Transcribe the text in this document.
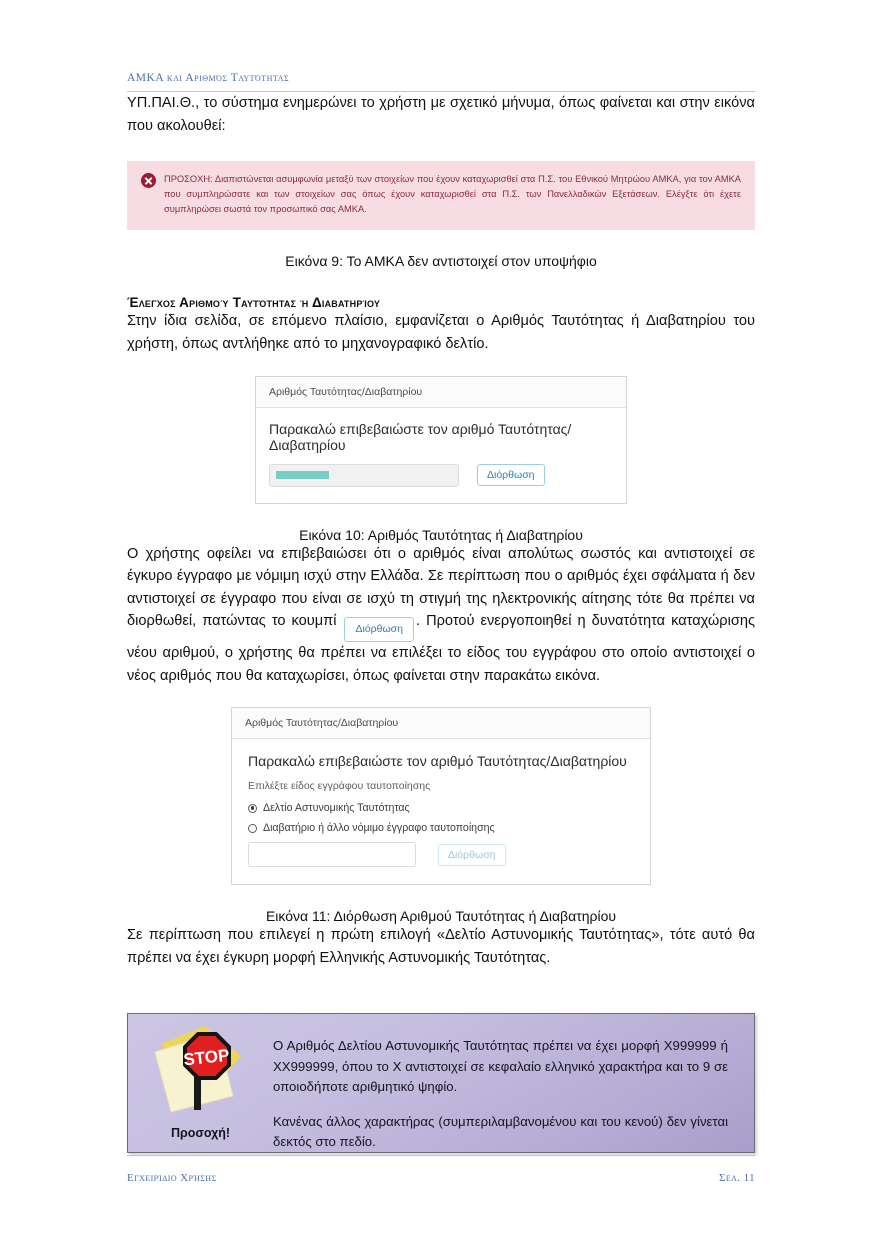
ΑΜΚΑ και Αριθμός Ταυτότητας

ΥΠ.ΠΑΙ.Θ., το σύστημα ενημερώνει το χρήστη με σχετικό μήνυμα, όπως φαίνεται και στην εικόνα που ακολουθεί:

ΠΡΟΣΟΧΗ: Διαπιστώνεται ασυμφωνία μεταξύ των στοιχείων που έχουν καταχωρισθεί στα Π.Σ. του Εθνικού Μητρώου ΑΜΚΑ, για τον ΑΜΚΑ που συμπληρώσατε και των στοιχείων σας όπως έχουν καταχωρισθεί στα Π.Σ. των Πανελλαδικών Εξετάσεων. Ελέγξτε ότι έχετε συμπληρώσει σωστά τον προσωπικό σας ΑΜΚΑ.
Εικόνα 9: Το ΑΜΚΑ δεν αντιστοιχεί στον υποψήφιο
Έλεγχος Αριθμού Ταυτότητας ή Διαβατηρίου

Στην ίδια σελίδα, σε επόμενο πλαίσιο, εμφανίζεται ο Αριθμός Ταυτότητας ή Διαβατηρίου του χρήστη, όπως αντλήθηκε από το μηχανογραφικό δελτίο.

Αριθμός Ταυτότητας/Διαβατηρίου
Παρακαλώ επιβεβαιώστε τον αριθμό Ταυτότητας/Διαβατηρίου
Διόρθωση
Εικόνα 10: Αριθμός Ταυτότητας ή Διαβατηρίου

Ο χρήστης οφείλει να επιβεβαιώσει ότι ο αριθμός είναι απολύτως σωστός και αντιστοιχεί σε έγκυρο έγγραφο με νόμιμη ισχύ στην Ελλάδα. Σε περίπτωση που ο αριθμός έχει σφάλματα ή δεν αντιστοιχεί σε έγγραφο που είναι σε ισχύ τη στιγμή της ηλεκτρονικής αίτησης τότε θα πρέπει να διορθωθεί, πατώντας το κουμπί Διόρθωση . Προτού ενεργοποιηθεί η δυνατότητα καταχώρισης νέου αριθμού, ο χρήστης θα πρέπει να επιλέξει το είδος του εγγράφου στο οποίο αντιστοιχεί ο νέος αριθμός που θα καταχωρίσει, όπως φαίνεται στην παρακάτω εικόνα.

Αριθμός Ταυτότητας/Διαβατηρίου
Παρακαλώ επιβεβαιώστε τον αριθμό Ταυτότητας/Διαβατηρίου
Επιλέξτε είδος εγγράφου ταυτοποίησης
Δελτίο Αστυνομικής Ταυτότητας
Διαβατήριο ή άλλο νόμιμο έγγραφο ταυτοποίησης
Διόρθωση
Εικόνα 11: Διόρθωση Αριθμού Ταυτότητας ή Διαβατηρίου

Σε περίπτωση που επιλεγεί η πρώτη επιλογή «Δελτίο Αστυνομικής Ταυτότητας», τότε αυτό θα πρέπει να έχει έγκυρη μορφή Ελληνικής Αστυνομικής Ταυτότητας.

STOP
Προσοχή!

Ο Αριθμός Δελτίου Αστυνομικής Ταυτότητας πρέπει να έχει μορφή Χ999999 ή ΧΧ999999, όπου το Χ αντιστοιχεί σε κεφαλαίο ελληνικό χαρακτήρα και το 9 σε οποιοδήποτε αριθμητικό ψηφίο.

Κανένας άλλος χαρακτήρας (συμπεριλαμβανομένου και του κενού) δεν γίνεται δεκτός στο πεδίο.

Εγχειρίδιο Χρήσης	Σελ. 11
